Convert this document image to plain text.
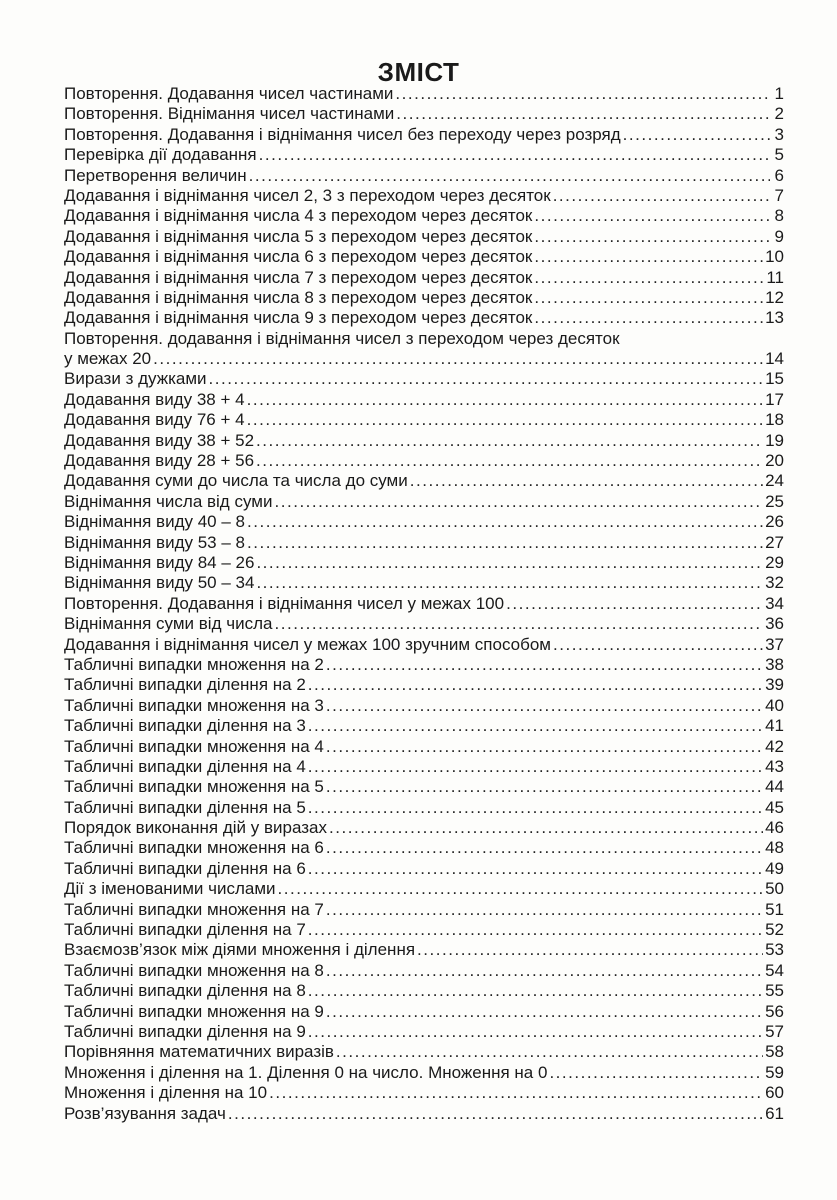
ЗМІСТ
Повторення. Додавання чисел частинами . . .	1
Повторення. Віднімання чисел частинами . . .	2
Повторення. Додавання і віднімання чисел без переходу через розряд . . .	3
Перевірка дії додавання . . .	5
Перетворення величин . . .	6
Додавання і віднімання чисел 2, 3 з переходом через десяток . . .	7
Додавання і віднімання числа 4 з переходом через десяток . . .	8
Додавання і віднімання числа 5 з переходом через десяток . . .	9
Додавання і віднімання числа 6 з переходом через десяток . . .	10
Додавання і віднімання числа 7 з переходом через десяток . . .	11
Додавання і віднімання числа 8 з переходом через десяток . . .	12
Додавання і віднімання числа 9 з переходом через десяток . . .	13
Повторення. додавання і віднімання чисел з переходом через десяток
у межах 20 . . .	14
Вирази з дужками . . .	15
Додавання виду 38 + 4 . . .	17
Додавання виду 76 + 4 . . .	18
Додавання виду 38 + 52 . . .	19
Додавання виду 28 + 56 . . .	20
Додавання суми до числа та числа до суми . . .	24
Віднімання числа від суми . . .	25
Віднімання виду 40 – 8 . . .	26
Віднімання виду 53 – 8 . . .	27
Віднімання виду 84 – 26 . . .	29
Віднімання виду 50 – 34 . . .	32
Повторення. Додавання і віднімання чисел у межах 100 . . .	34
Віднімання суми від числа . . .	36
Додавання і віднімання чисел у межах 100 зручним способом . . .	37
Табличні випадки множення на 2 . . .	38
Табличні випадки ділення на 2 . . .	39
Табличні випадки множення на 3 . . .	40
Табличні випадки ділення на 3 . . .	41
Табличні випадки множення на 4 . . .	42
Табличні випадки ділення на 4 . . .	43
Табличні випадки множення на 5 . . .	44
Табличні випадки ділення на 5 . . .	45
Порядок виконання дій у виразах . . .	46
Табличні випадки множення на 6 . . .	48
Табличні випадки ділення на 6 . . .	49
Дії з іменованими числами . . .	50
Табличні випадки множення на 7 . . .	51
Табличні випадки ділення на 7 . . .	52
Взаємозв’язок між діями множення і ділення . . .	53
Табличні випадки множення на 8 . . .	54
Табличні випадки ділення на 8 . . .	55
Табличні випадки множення на 9 . . .	56
Табличні випадки ділення на 9 . . .	57
Порівняння математичних виразів . . .	58
Множення і ділення на 1. Ділення 0 на число. Множення на 0 . . .	59
Множення і ділення на 10 . . .	60
Розв’язування задач . . .	61
